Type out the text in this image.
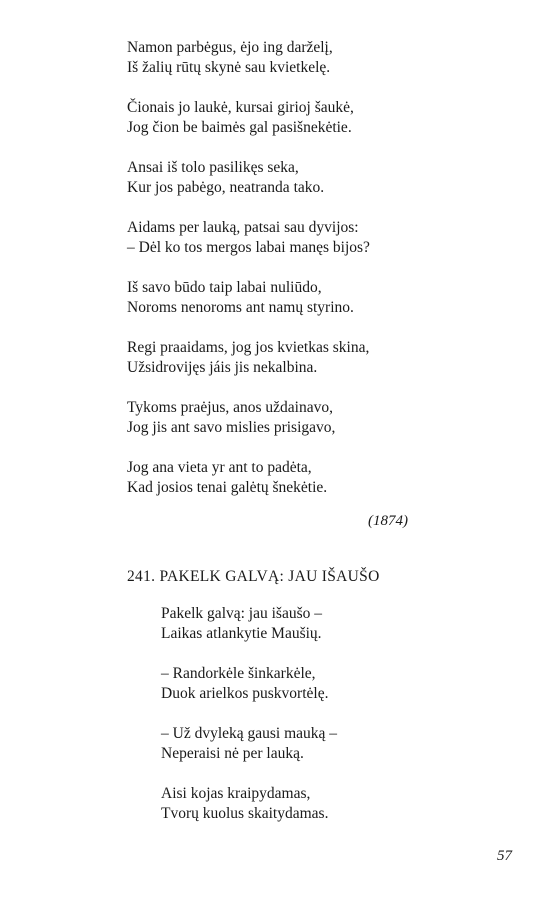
Namon parbėgus, ėjo ing darželį,
Iš žalių rūtų skynė sau kvietkelę.
Čionais jo laukė, kursai girioj šaukė,
Jog čion be baimės gal pasišnekėtie.
Ansai iš tolo pasilikęs seka,
Kur jos pabėgo, neatranda tako.
Aidams per lauką, patsai sau dyvijos:
– Dėl ko tos mergos labai manęs bijos?
Iš savo būdo taip labai nuliūdo,
Noroms nenoroms ant namų styrino.
Regi praaidams, jog jos kvietkas skina,
Užsidrovijęs jáis jis nekalbina.
Tykoms praėjus, anos uždainavo,
Jog jis ant savo mislies prisigavo,
Jog ana vieta yr ant to padėta,
Kad josios tenai galėtų šnekėtie.
(1874)
241. PAKELK GALVĄ: JAU IŠAUŠO
Pakelk galvą: jau išaušo –
Laikas atlankytie Maušių.
– Randorkėle šinkarkėle,
Duok arielkos puskvortėlę.
– Už dvyleką gausi mauką –
Neperaisi nė per lauką.
Aisi kojas kraipydamas,
Tvorų kuolus skaitydamas.
57
